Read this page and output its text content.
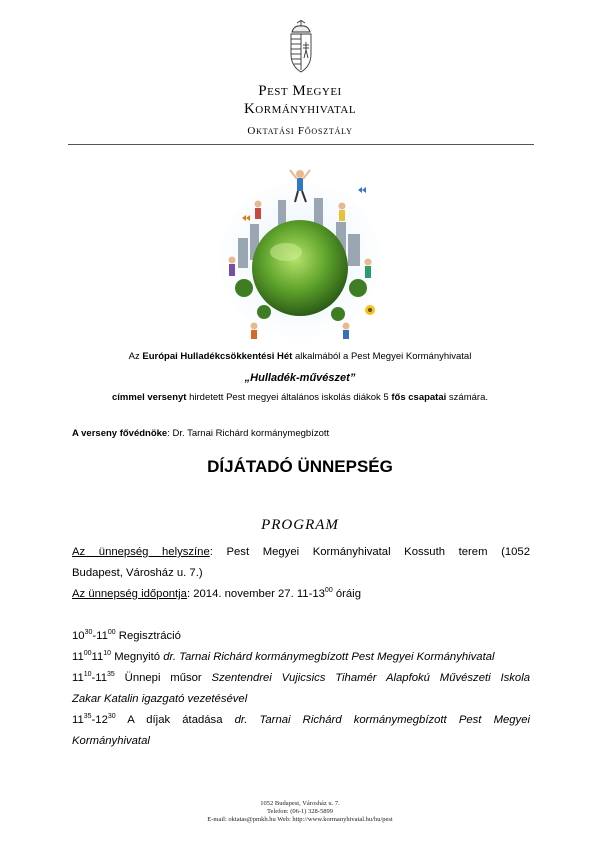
Pest Megyei
Kormányhivatal
Oktatási Főosztály
Az Európai Hulladékcsökkentési Hét alkalmából a Pest Megyei Kormányhivatal
„Hulladék-művészet”
címmel versenyt hirdetett Pest megyei általános iskolás diákok 5 fős csapatai számára.
A verseny fővédnöke: Dr. Tarnai Richárd kormánymegbízott
DÍJÁTADÓ ÜNNEPSÉG
PROGRAM
Az ünnepség helyszíne: Pest Megyei Kormányhivatal Kossuth terem (1052
Budapest, Városház u. 7.)
Az ünnepség időpontja: 2014. november 27. $11-13^{00}$ óráig
$10^{30}-11^{00}$ Regisztráció
$11^{00}11^{10}$ Megnyitó dr. Tarnai Richárd kormánymegbízott Pest Megyei Kormányhivatal
$11^{10}-11^{35}$ Ünnepi műsor Szentendrei Vujicsics Tihamér Alapfokú Művészeti Iskola
Zakar Katalin igazgató vezetésével
$11^{35}-12^{30}$ A díjak átadása dr. Tarnai Richárd kormánymegbízott Pest Megyei
Kormányhivatal
1052 Budapest, Városház u. 7.
Telefon: (06-1) 328-5899
E-mail: oktatas@pmkh.hu Web: http://www.kormanyhivatal.hu/hu/pest
